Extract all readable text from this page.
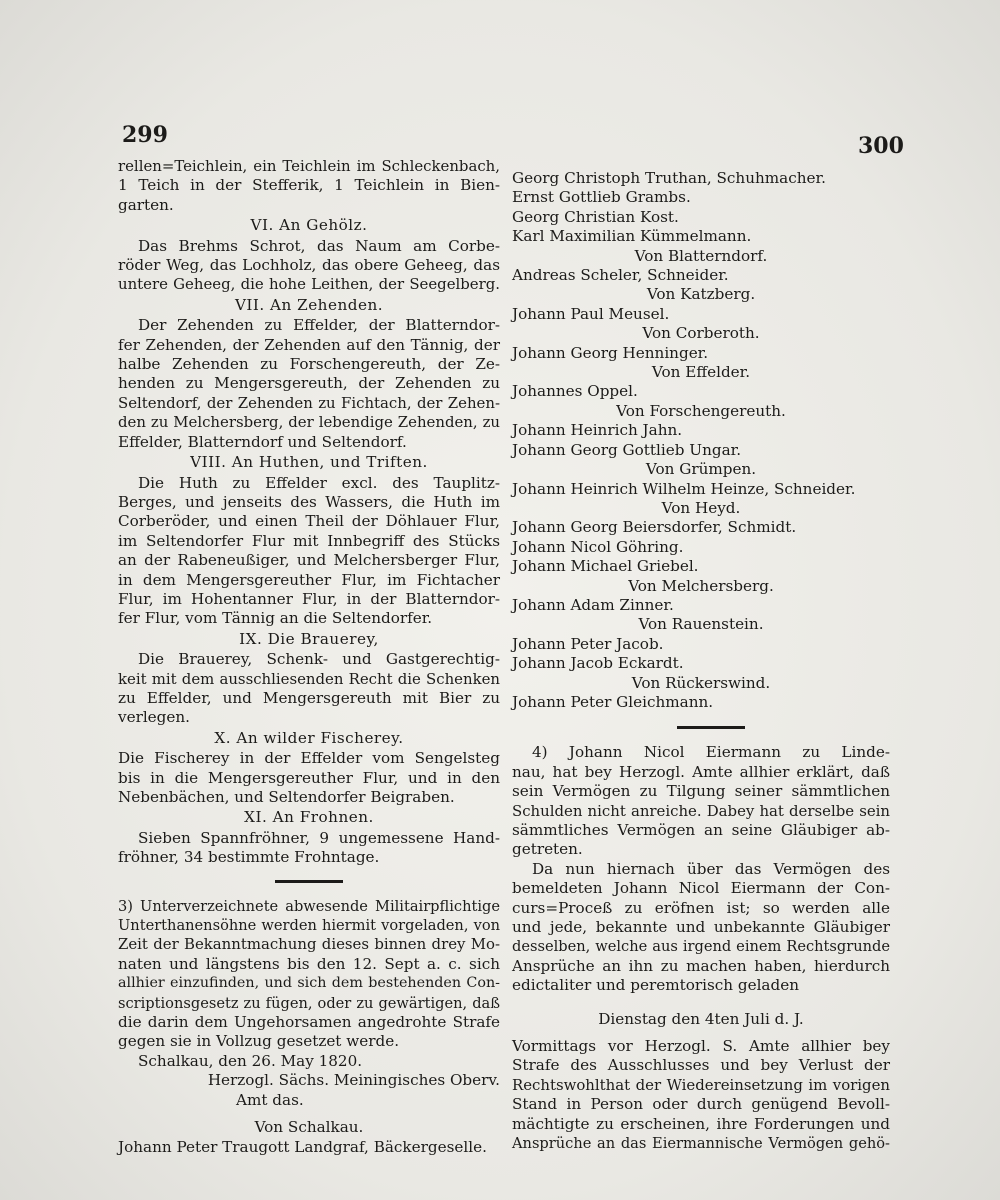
299	300

rellen=Teichlein, ein Teichlein im Schleckenbach,

1 Teich in der Stefferik, 1 Teichlein in Bien-

garten.

VI. An Gehölz.

Das Brehms Schrot, das Naum am Corbe-

röder Weg, das Lochholz, das obere Geheeg, das

untere Geheeg, die hohe Leithen, der Seegelberg.

VII. An Zehenden.

Der Zehenden zu Effelder, der Blatterndor-

fer Zehenden, der Zehenden auf den Tännig, der

halbe Zehenden zu Forschengereuth, der Ze-

henden zu Mengersgereuth, der Zehenden zu

Seltendorf, der Zehenden zu Fichtach, der Zehen-

den zu Melchersberg, der lebendige Zehenden, zu

Effelder, Blatterndorf und Seltendorf.

VIII. An Huthen, und Triften.

Die Huth zu Effelder excl. des Tauplitz-

Berges, und jenseits des Wassers, die Huth im

Corberöder, und einen Theil der Döhlauer Flur,

im Seltendorfer Flur mit Innbegriff des Stücks

an der Rabeneußiger, und Melchersberger Flur,

in dem Mengersgereuther Flur, im Fichtacher

Flur, im Hohentanner Flur, in der Blatterndor-

fer Flur, vom Tännig an die Seltendorfer.

IX. Die Brauerey,

Die Brauerey, Schenk- und Gastgerechtig-

keit mit dem ausschliesenden Recht die Schenken

zu Effelder, und Mengersgereuth mit Bier zu

verlegen.

X. An wilder Fischerey.

Die Fischerey in der Effelder vom Sengelsteg

bis in die Mengersgereuther Flur, und in den

Nebenbächen, und Seltendorfer Beigraben.

XI. An Frohnen.

Sieben Spannfröhner, 9 ungemessene Hand-

fröhner, 34 bestimmte Frohntage.

3) Unterverzeichnete abwesende Militairpflichtige

Unterthanensöhne werden hiermit vorgeladen, von

Zeit der Bekanntmachung dieses binnen drey Mo-

naten und längstens bis den 12. Sept a. c. sich

allhier einzufinden, und sich dem bestehenden Con-

scriptionsgesetz zu fügen, oder zu gewärtigen, daß

die darin dem Ungehorsamen angedrohte Strafe

gegen sie in Vollzug gesetzet werde.

Schalkau, den 26. May 1820.

Herzogl. Sächs. Meiningisches Oberv.

Amt das.

Von Schalkau.

Johann Peter Traugott Landgraf, Bäckergeselle.

Georg Christoph Truthan, Schuhmacher.

Ernst Gottlieb Grambs.

Georg Christian Kost.

Karl Maximilian Kümmelmann.

Von Blatterndorf.

Andreas Scheler, Schneider.

Von Katzberg.

Johann Paul Meusel.

Von Corberoth.

Johann Georg Henninger.

Von Effelder.

Johannes Oppel.

Von Forschengereuth.

Johann Heinrich Jahn.

Johann Georg Gottlieb Ungar.

Von Grümpen.

Johann Heinrich Wilhelm Heinze, Schneider.

Von Heyd.

Johann Georg Beiersdorfer, Schmidt.

Johann Nicol Göhring.

Johann Michael Griebel.

Von Melchersberg.

Johann Adam Zinner.

Von Rauenstein.

Johann Peter Jacob.

Johann Jacob Eckardt.

Von Rückerswind.

Johann Peter Gleichmann.

4) Johann Nicol Eiermann zu Linde-

nau, hat bey Herzogl. Amte allhier erklärt, daß

sein Vermögen zu Tilgung seiner sämmtlichen

Schulden nicht anreiche. Dabey hat derselbe sein

sämmtliches Vermögen an seine Gläubiger ab-

getreten.

Da nun hiernach über das Vermögen des

bemeldeten Johann Nicol Eiermann der Con-

curs=Proceß zu eröfnen ist; so werden alle

und jede, bekannte und unbekannte Gläubiger

desselben, welche aus irgend einem Rechtsgrunde

Ansprüche an ihn zu machen haben, hierdurch

edictaliter und peremtorisch geladen

Dienstag den 4ten Juli d. J.

Vormittags vor Herzogl. S. Amte allhier bey

Strafe des Ausschlusses und bey Verlust der

Rechtswohlthat der Wiedereinsetzung im vorigen

Stand in Person oder durch genügend Bevoll-

mächtigte zu erscheinen, ihre Forderungen und

Ansprüche an das Eiermannische Vermögen gehö-
